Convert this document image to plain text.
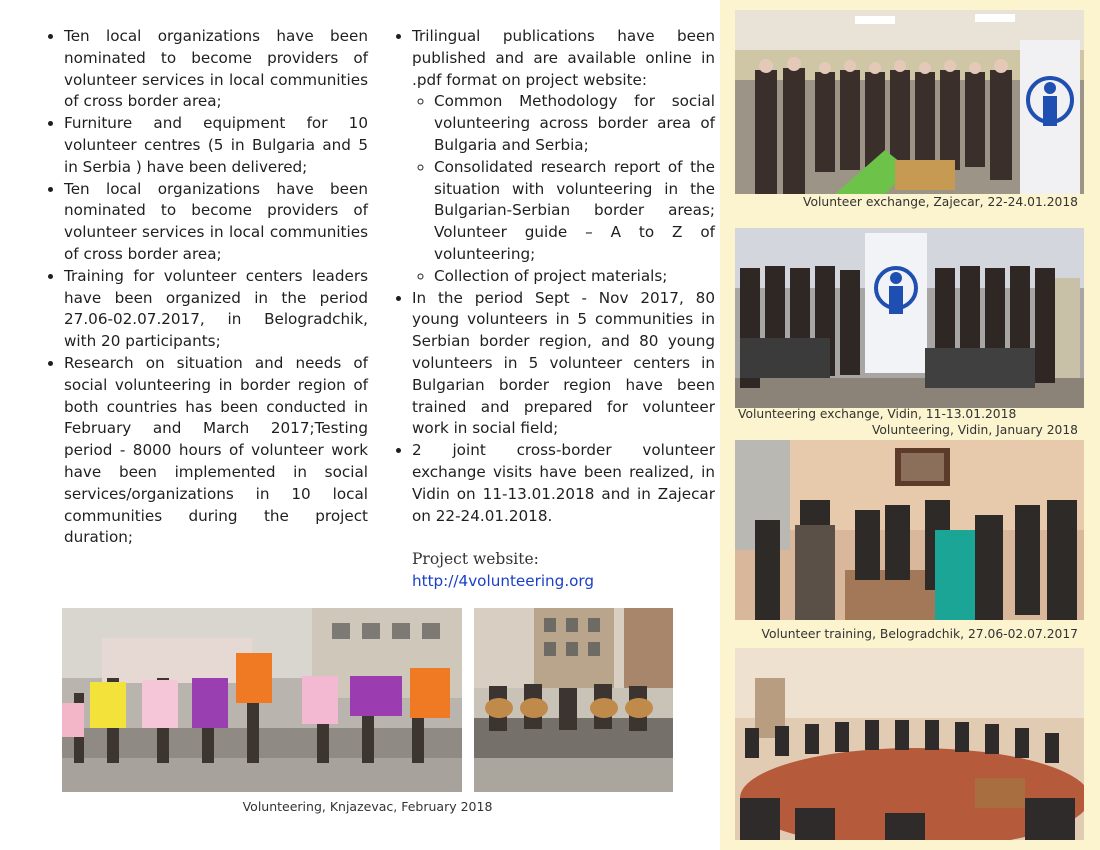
• Ten local organizations have been nominated to become providers of volunteer services in local communities of cross border area;
• Furniture and equipment for 10 volunteer centres (5 in Bulgaria and 5 in Serbia ) have been delivered;
• Ten local organizations have been nominated to become providers of volunteer services in local communities of cross border area;
• Training for volunteer centers leaders have been organized in the period 27.06-02.07.2017, in Belogradchik, with 20 participants;
• Research on situation and needs of social volunteering in border region of both countries has been conducted in February and March 2017;Testing period - 8000 hours of volunteer work have been implemented in social services/organizations in 10 local communities during the project duration;
• Trilingual publications have been published and are available online in .pdf format on project website:
◦ Common Methodology for social volunteering across border area of Bulgaria and Serbia;
◦ Consolidated research report of the situation with volunteering in the Bulgarian-Serbian border areas; Volunteer guide – A to Z of volunteering;
◦ Collection of project materials;
• In the period Sept - Nov 2017, 80 young volunteers in 5 communities in Serbian border region, and 80 young volunteers in 5 volunteer centers in Bulgarian border region have been trained and prepared for volunteer work in social field;
• 2 joint cross-border volunteer exchange visits have been realized, in Vidin on 11-13.01.2018 and in Zajecar on 22-24.01.2018.
Project website:
http://4volunteering.org
Volunteering, Knjazevac, February 2018
Volunteer exchange, Zajecar, 22-24.01.2018
Volunteering exchange, Vidin, 11-13.01.2018
Volunteering, Vidin, January 2018
Volunteer training, Belogradchik, 27.06-02.07.2017
